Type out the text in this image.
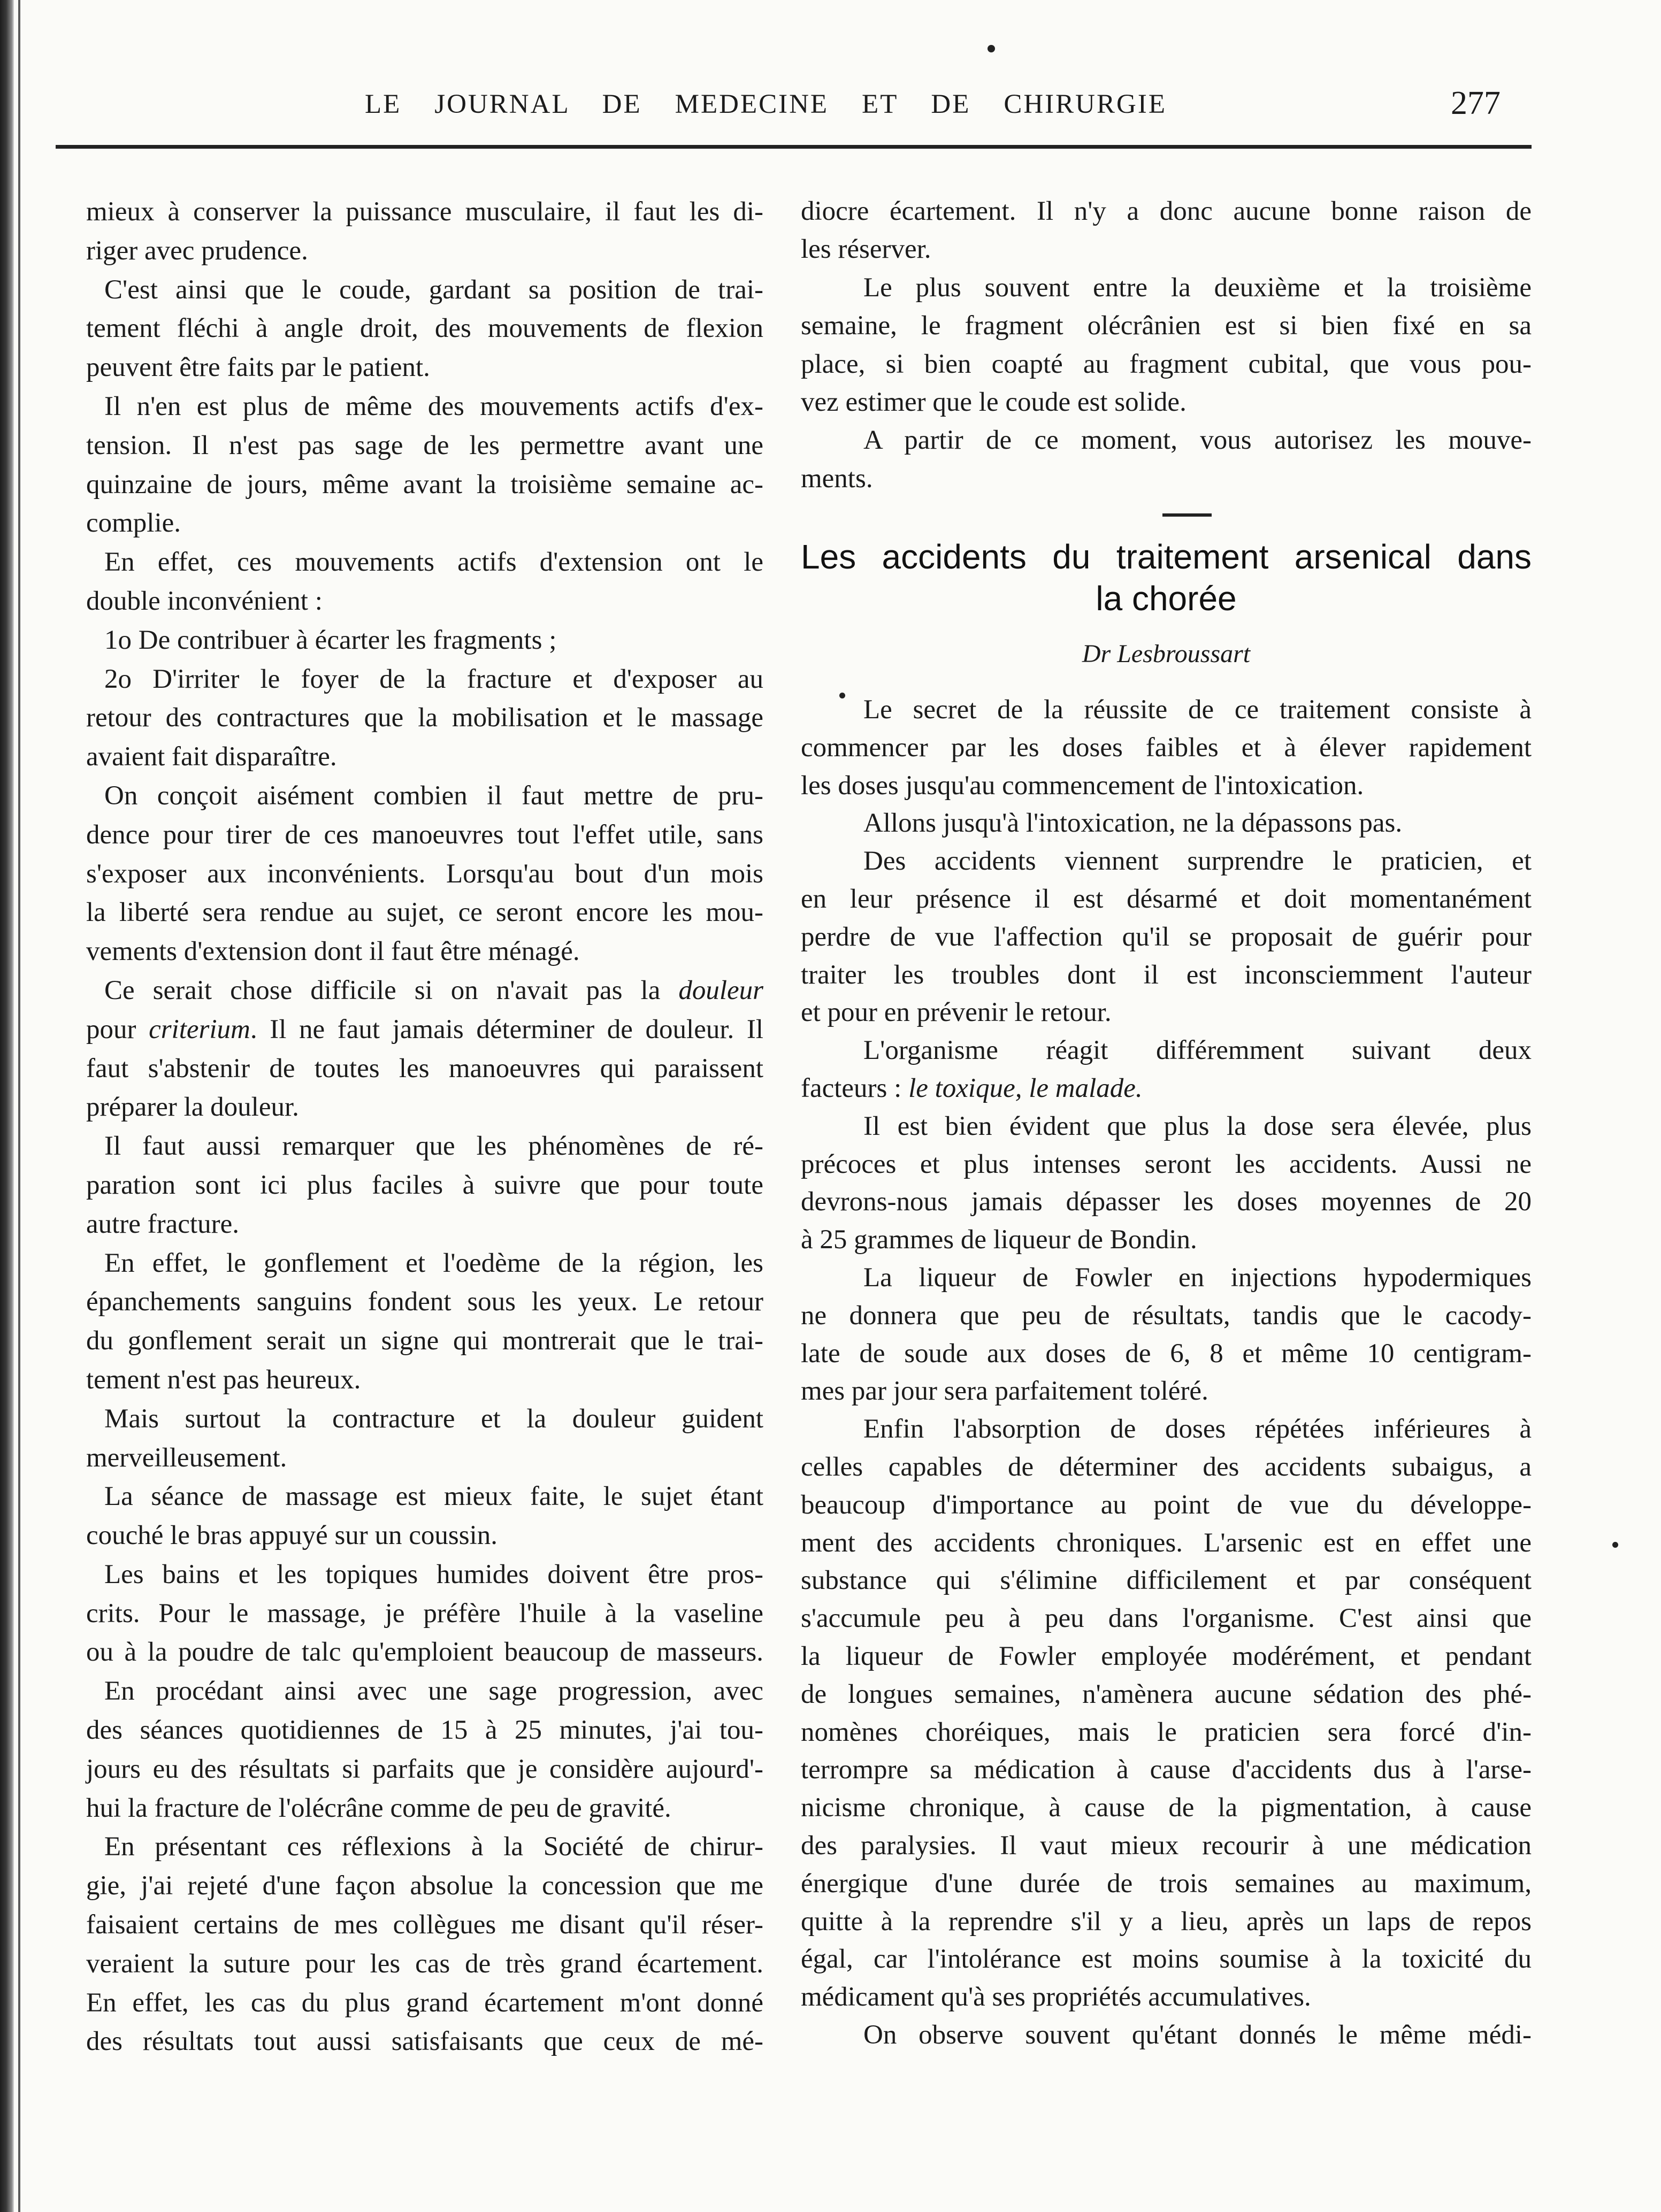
LE JOURNAL DE MEDECINE ET DE CHIRURGIE	277
mieux à conserver la puissance musculaire, il faut les di-
riger avec prudence.
C'est ainsi que le coude, gardant sa position de trai-
tement fléchi à angle droit, des mouvements de flexion
peuvent être faits par le patient.
Il n'en est plus de même des mouvements actifs d'ex-
tension. Il n'est pas sage de les permettre avant une
quinzaine de jours, même avant la troisième semaine ac-
complie.
En effet, ces mouvements actifs d'extension ont le
double inconvénient :
1o De contribuer à écarter les fragments ;
2o D'irriter le foyer de la fracture et d'exposer au
retour des contractures que la mobilisation et le massage
avaient fait disparaître.
On conçoit aisément combien il faut mettre de pru-
dence pour tirer de ces manoeuvres tout l'effet utile, sans
s'exposer aux inconvénients. Lorsqu'au bout d'un mois
la liberté sera rendue au sujet, ce seront encore les mou-
vements d'extension dont il faut être ménagé.
Ce serait chose difficile si on n'avait pas la douleur
pour criterium. Il ne faut jamais déterminer de douleur. Il
faut s'abstenir de toutes les manoeuvres qui paraissent
préparer la douleur.
Il faut aussi remarquer que les phénomènes de ré-
paration sont ici plus faciles à suivre que pour toute
autre fracture.
En effet, le gonflement et l'oedème de la région, les
épanchements sanguins fondent sous les yeux. Le retour
du gonflement serait un signe qui montrerait que le trai-
tement n'est pas heureux.
Mais surtout la contracture et la douleur guident
merveilleusement.
La séance de massage est mieux faite, le sujet étant
couché le bras appuyé sur un coussin.
Les bains et les topiques humides doivent être pros-
crits. Pour le massage, je préfère l'huile à la vaseline
ou à la poudre de talc qu'emploient beaucoup de masseurs.
En procédant ainsi avec une sage progression, avec
des séances quotidiennes de 15 à 25 minutes, j'ai tou-
jours eu des résultats si parfaits que je considère aujourd'-
hui la fracture de l'olécrâne comme de peu de gravité.
En présentant ces réflexions à la Société de chirur-
gie, j'ai rejeté d'une façon absolue la concession que me
faisaient certains de mes collègues me disant qu'il réser-
veraient la suture pour les cas de très grand écartement.
En effet, les cas du plus grand écartement m'ont donné
des résultats tout aussi satisfaisants que ceux de mé-
diocre écartement. Il n'y a donc aucune bonne raison de
les réserver.
Le plus souvent entre la deuxième et la troisième
semaine, le fragment olécrânien est si bien fixé en sa
place, si bien coapté au fragment cubital, que vous pou-
vez estimer que le coude est solide.
A partir de ce moment, vous autorisez les mouve-
ments.
Les accidents du traitement arsenical dans
la chorée
Dr Lesbroussart
Le secret de la réussite de ce traitement consiste à
commencer par les doses faibles et à élever rapidement
les doses jusqu'au commencement de l'intoxication.
Allons jusqu'à l'intoxication, ne la dépassons pas.
Des accidents viennent surprendre le praticien, et
en leur présence il est désarmé et doit momentanément
perdre de vue l'affection qu'il se proposait de guérir pour
traiter les troubles dont il est inconsciemment l'auteur
et pour en prévenir le retour.
L'organisme réagit différemment suivant deux
facteurs : le toxique, le malade.
Il est bien évident que plus la dose sera élevée, plus
précoces et plus intenses seront les accidents. Aussi ne
devrons-nous jamais dépasser les doses moyennes de 20
à 25 grammes de liqueur de Bondin.
La liqueur de Fowler en injections hypodermiques
ne donnera que peu de résultats, tandis que le cacody-
late de soude aux doses de 6, 8 et même 10 centigram-
mes par jour sera parfaitement toléré.
Enfin l'absorption de doses répétées inférieures à
celles capables de déterminer des accidents subaigus, a
beaucoup d'importance au point de vue du développe-
ment des accidents chroniques. L'arsenic est en effet une
substance qui s'élimine difficilement et par conséquent
s'accumule peu à peu dans l'organisme. C'est ainsi que
la liqueur de Fowler employée modérément, et pendant
de longues semaines, n'amènera aucune sédation des phé-
nomènes choréiques, mais le praticien sera forcé d'in-
terrompre sa médication à cause d'accidents dus à l'arse-
nicisme chronique, à cause de la pigmentation, à cause
des paralysies. Il vaut mieux recourir à une médication
énergique d'une durée de trois semaines au maximum,
quitte à la reprendre s'il y a lieu, après un laps de repos
égal, car l'intolérance est moins soumise à la toxicité du
médicament qu'à ses propriétés accumulatives.
On observe souvent qu'étant donnés le même médi-
